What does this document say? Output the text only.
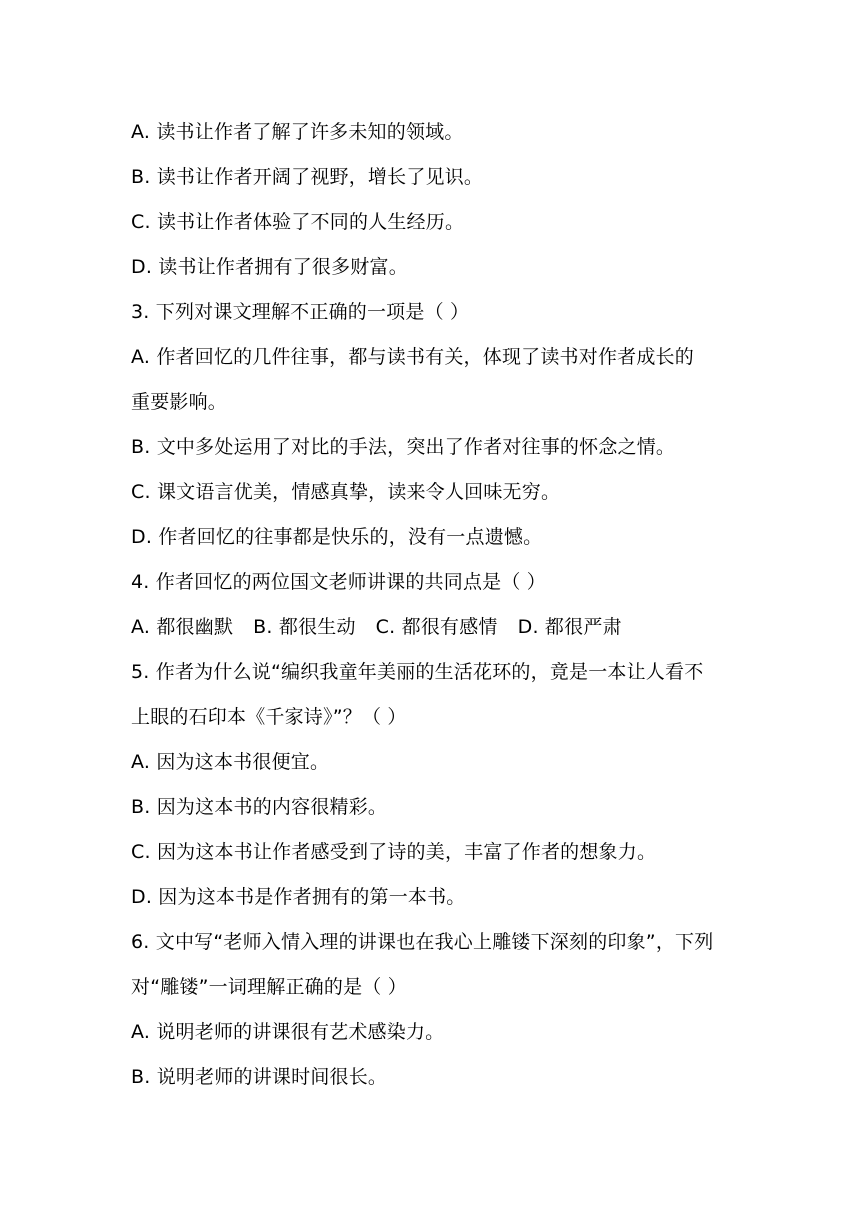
A. 读书让作者了解了许多未知的领域。
B. 读书让作者开阔了视野，增长了见识。
C. 读书让作者体验了不同的人生经历。
D. 读书让作者拥有了很多财富。
3. 下列对课文理解不正确的一项是（ ）
A. 作者回忆的几件往事，都与读书有关，体现了读书对作者成长的
重要影响。
B. 文中多处运用了对比的手法，突出了作者对往事的怀念之情。
C. 课文语言优美，情感真挚，读来令人回味无穷。
D. 作者回忆的往事都是快乐的，没有一点遗憾。
4. 作者回忆的两位国文老师讲课的共同点是（ ）
A. 都很幽默 B. 都很生动 C. 都很有感情 D. 都很严肃
5. 作者为什么说“编织我童年美丽的生活花环的，竟是一本让人看不
上眼的石印本《千家诗》”？（ ）
A. 因为这本书很便宜。
B. 因为这本书的内容很精彩。
C. 因为这本书让作者感受到了诗的美，丰富了作者的想象力。
D. 因为这本书是作者拥有的第一本书。
6. 文中写“老师入情入理的讲课也在我心上雕镂下深刻的印象”，下列
对“雕镂”一词理解正确的是（ ）
A. 说明老师的讲课很有艺术感染力。
B. 说明老师的讲课时间很长。
